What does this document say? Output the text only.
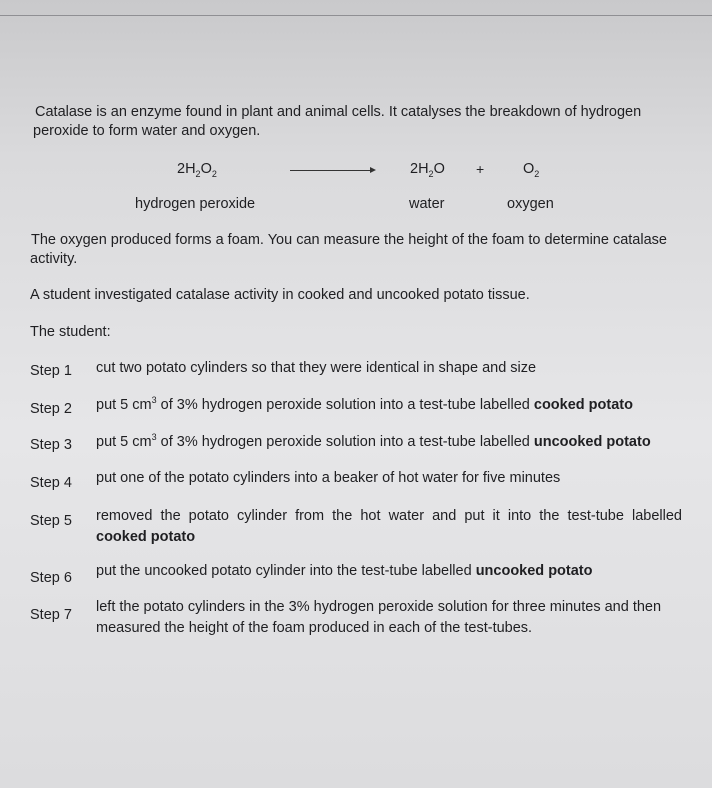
Catalase is an enzyme found in plant and animal cells. It catalyses the breakdown of hydrogen
peroxide to form water and oxygen.
$2H_2O_2$	$2H_2O$ +	$O_2$
hydrogen peroxide	water	oxygen
The oxygen produced forms a foam. You can measure the height of the foam to determine catalase
activity.
A student investigated catalase activity in cooked and uncooked potato tissue.
The student:
Step 1 cut two potato cylinders so that they were identical in shape and size
Step 2 put 5 $cm^3$ of 3% hydrogen peroxide solution into a test-tube labelled cooked potato
Step 3 put 5 $cm^3$ of 3% hydrogen peroxide solution into a test-tube labelled uncooked potato
Step 4 put one of the potato cylinders into a beaker of hot water for five minutes
Step 5 removed  the  potato  cylinder  from  the  hot  water  and  put  it  into  the  test-tube  labelled
cooked potato
Step 6 put the uncooked potato cylinder into the test-tube labelled uncooked potato
Step 7 left the potato cylinders in the 3% hydrogen peroxide solution for three minutes and then
measured the height of the foam produced in each of the test-tubes.
